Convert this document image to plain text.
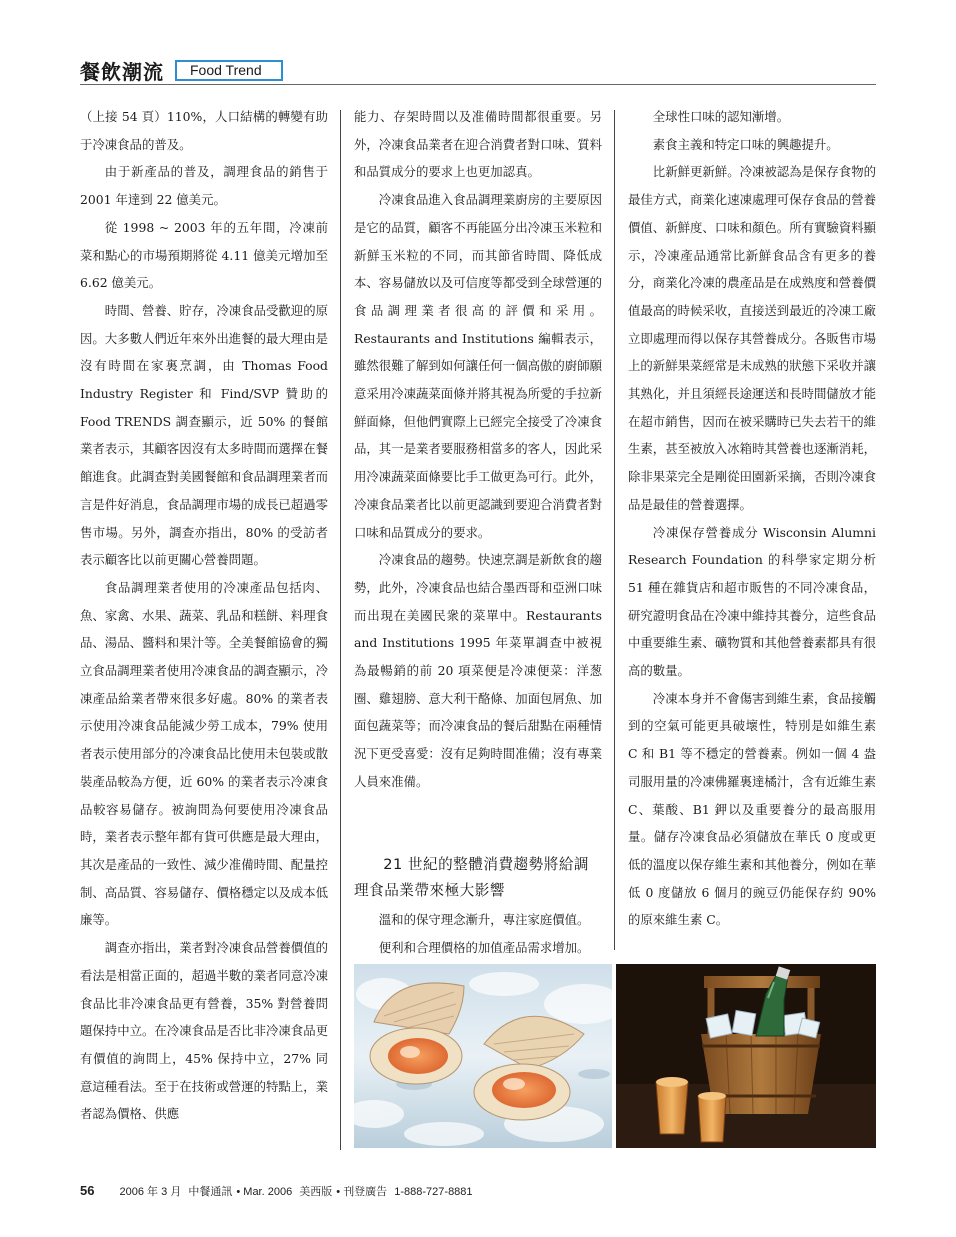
餐飲潮流	Food Trend

（上接 54 頁）110%，人口結構的轉變有助于冷凍食品的普及。

由于新產品的普及，調理食品的銷售于 2001 年達到 22 億美元。

從 1998 ~ 2003 年的五年間，冷凍前菜和點心的市場預期將從 4.11 億美元增加至 6.62 億美元。

時間、營養、貯存，冷凍食品受歡迎的原因。大多數人們近年來外出進餐的最大理由是沒有時間在家裏烹調，由 Thomas Food Industry Register 和 Find/SVP 贊助的 Food TRENDS 調查顯示，近 50% 的餐館業者表示，其顧客因沒有太多時間而選擇在餐館進食。此調查對美國餐館和食品調理業者而言是件好消息，食品調理市場的成長已超過零售市場。另外，調查亦指出，80% 的受訪者表示顧客比以前更關心營養問題。

食品調理業者使用的冷凍產品包括肉、魚、家禽、水果、蔬菜、乳品和糕餅、料理食品、湯品、醬料和果汁等。全美餐館協會的獨立食品調理業者使用冷凍食品的調查顯示，冷凍產品給業者帶來很多好處。80% 的業者表示使用冷凍食品能減少勞工成本，79% 使用者表示使用部分的冷凍食品比使用未包裝或散裝產品較為方便，近 60% 的業者表示冷凍食品較容易儲存。被詢問為何要使用冷凍食品時，業者表示整年都有貨可供應是最大理由，其次是產品的一致性、減少准備時間、配量控制、高品質、容易儲存、價格穩定以及成本低廉等。

調查亦指出，業者對冷凍食品營養價值的看法是相當正面的，超過半數的業者同意冷凍食品比非冷凍食品更有營養，35% 對營養問題保持中立。在冷凍食品是否比非冷凍食品更有價值的詢問上，45% 保持中立，27% 同意這種看法。至于在技術或營運的特點上，業者認為價格、供應

能力、存架時間以及准備時間都很重要。另外，冷凍食品業者在迎合消費者對口味、質料和品質成分的要求上也更加認真。

冷凍食品進入食品調理業廚房的主要原因是它的品質，顧客不再能區分出冷凍玉米粒和新鮮玉米粒的不同，而其節省時間、降低成本、容易儲放以及可信度等都受到全球營運的食品調理業者很高的評價和采用。Restaurants and Institutions 編輯表示，雖然很難了解到如何讓任何一個高傲的廚師願意采用冷凍蔬菜面條并將其視為所愛的手拉新鮮面條，但他們實際上已經完全接受了冷凍食品，其一是業者要服務相當多的客人，因此采用冷凍蔬菜面條要比手工做更為可行。此外，冷凍食品業者比以前更認識到要迎合消費者對口味和品質成分的要求。

冷凍食品的趨勢。快速烹調是新飲食的趨勢，此外，冷凍食品也結合墨西哥和亞洲口味而出現在美國民衆的菜單中。Restaurants and Institutions 1995 年菜單調查中被視為最暢銷的前 20 項菜便是冷凍便菜：洋葱圈、雞翅膀、意大利干酪條、加面包屑魚、加面包蔬菜等；而冷凍食品的餐后甜點在兩種情況下更受喜愛：沒有足夠時間准備；沒有專業人員來准備。

21 世紀的整體消費趨勢將給調

理食品業帶來極大影響

溫和的保守理念漸升，專注家庭價值。

便利和合理價格的加值產品需求增加。

全球性口味的認知漸增。

素食主義和特定口味的興趣提升。

比新鮮更新鮮。冷凍被認為是保存食物的最佳方式，商業化速凍處理可保存食品的營養價值、新鮮度、口味和顏色。所有實驗資料顯示，冷凍產品通常比新鮮食品含有更多的養分，商業化冷凍的農產品是在成熟度和營養價值最高的時候采收，直接送到最近的冷凍工廠立即處理而得以保存其營養成分。各販售市場上的新鮮果菜經常是未成熟的狀態下采收并讓其熟化，并且須經長途運送和長時間儲放才能在超市銷售，因而在被采購時已失去若干的維生素，甚至被放入冰箱時其營養也逐漸消耗，除非果菜完全是剛從田園新采摘，否則冷凍食品是最佳的營養選擇。

冷凍保存營養成分 Wisconsin Alumni Research Foundation 的科學家定期分析 51 種在雜貨店和超市販售的不同冷凍食品，研究證明食品在冷凍中維持其養分，這些食品中重要維生素、礦物質和其他營養素都具有很高的數量。

冷凍本身并不會傷害到維生素，食品接觸到的空氣可能更具破壞性，特別是如維生素 C 和 B1 等不穩定的營養素。例如一個 4 盎司服用量的冷凍佛羅裏達橘汁，含有近維生素 C、葉酸、B1 鉀以及重要養分的最高服用量。儲存冷凍食品必須儲放在華氏 0 度或更低的溫度以保存維生素和其他養分，例如在華低 0 度儲放 6 個月的豌豆仍能保存約 90% 的原來維生素 C。

56 2006 年 3 月 中餐通訊 • Mar. 2006 美西版 • 刊登廣告 1-888-727-8881
